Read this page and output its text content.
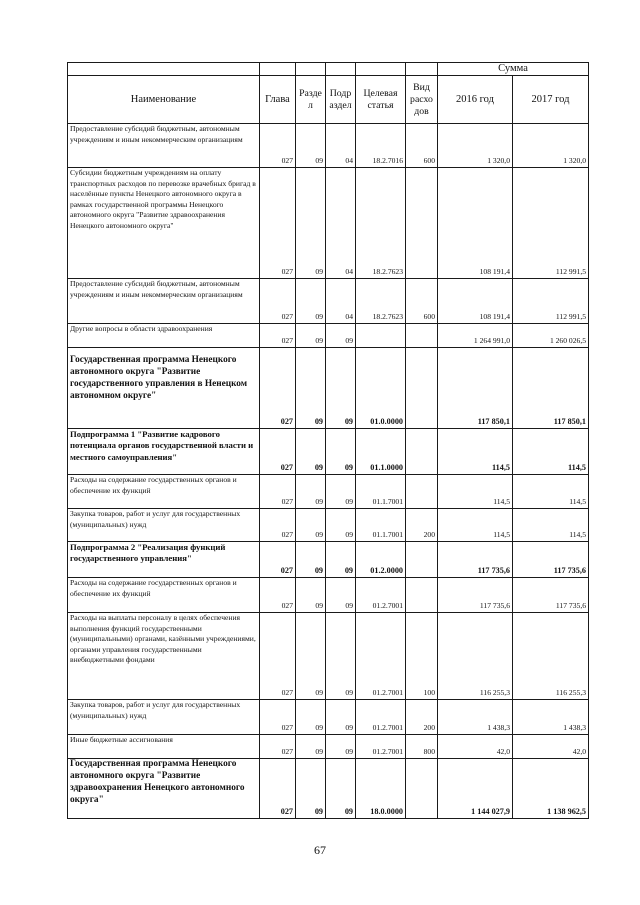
						Сумма	
Наименование	Глава	Разде л	Подр аздел	Целевая статья	Вид расхо дов	2016 год	2017 год
Предоставление субсидий бюджетным, автономным учреждениям и иным некоммерческим организациям	027	09	04	18.2.7016	600	1 320,0	1 320,0
Субсидии бюджетным учреждениям на оплату транспортных расходов по перевозке врачебных бригад в населённые пункты Ненецкого автономного округа в рамках государственной программы Ненецкого автономного округа "Развитие здравоохранения Ненецкого автономного округа"	027	09	04	18.2.7623		108 191,4	112 991,5
Предоставление субсидий бюджетным, автономным учреждениям и иным некоммерческим организациям	027	09	04	18.2.7623	600	108 191,4	112 991,5
Другие вопросы в области здравоохранения	027	09	09			1 264 991,0	1 260 026,5
Государственная программа Ненецкого автономного округа "Развитие государственного управления в Ненецком автономном округе"	027	09	09	01.0.0000		117 850,1	117 850,1
Подпрограмма 1 "Развитие кадрового потенциала органов государственной власти и местного самоуправления"	027	09	09	01.1.0000		114,5	114,5
Расходы на содержание государственных органов и обеспечение их функций	027	09	09	01.1.7001		114,5	114,5
Закупка товаров, работ и услуг для государственных (муниципальных) нужд	027	09	09	01.1.7001	200	114,5	114,5
Подпрограмма 2 "Реализация функций государственного управления"	027	09	09	01.2.0000		117 735,6	117 735,6
Расходы на содержание государственных органов и обеспечение их функций	027	09	09	01.2.7001		117 735,6	117 735,6
Расходы на выплаты персоналу в целях обеспечения выполнения функций государственными (муниципальными) органами, казёнными учреждениями, органами управления государственными внебюджетными фондами	027	09	09	01.2.7001	100	116 255,3	116 255,3
Закупка товаров, работ и услуг для государственных (муниципальных) нужд	027	09	09	01.2.7001	200	1 438,3	1 438,3
Иные бюджетные ассигнования	027	09	09	01.2.7001	800	42,0	42,0
Государственная программа Ненецкого автономного округа "Развитие здравоохранения Ненецкого автономного округа"	027	09	09	18.0.0000		1 144 027,9	1 138 962,5
67
